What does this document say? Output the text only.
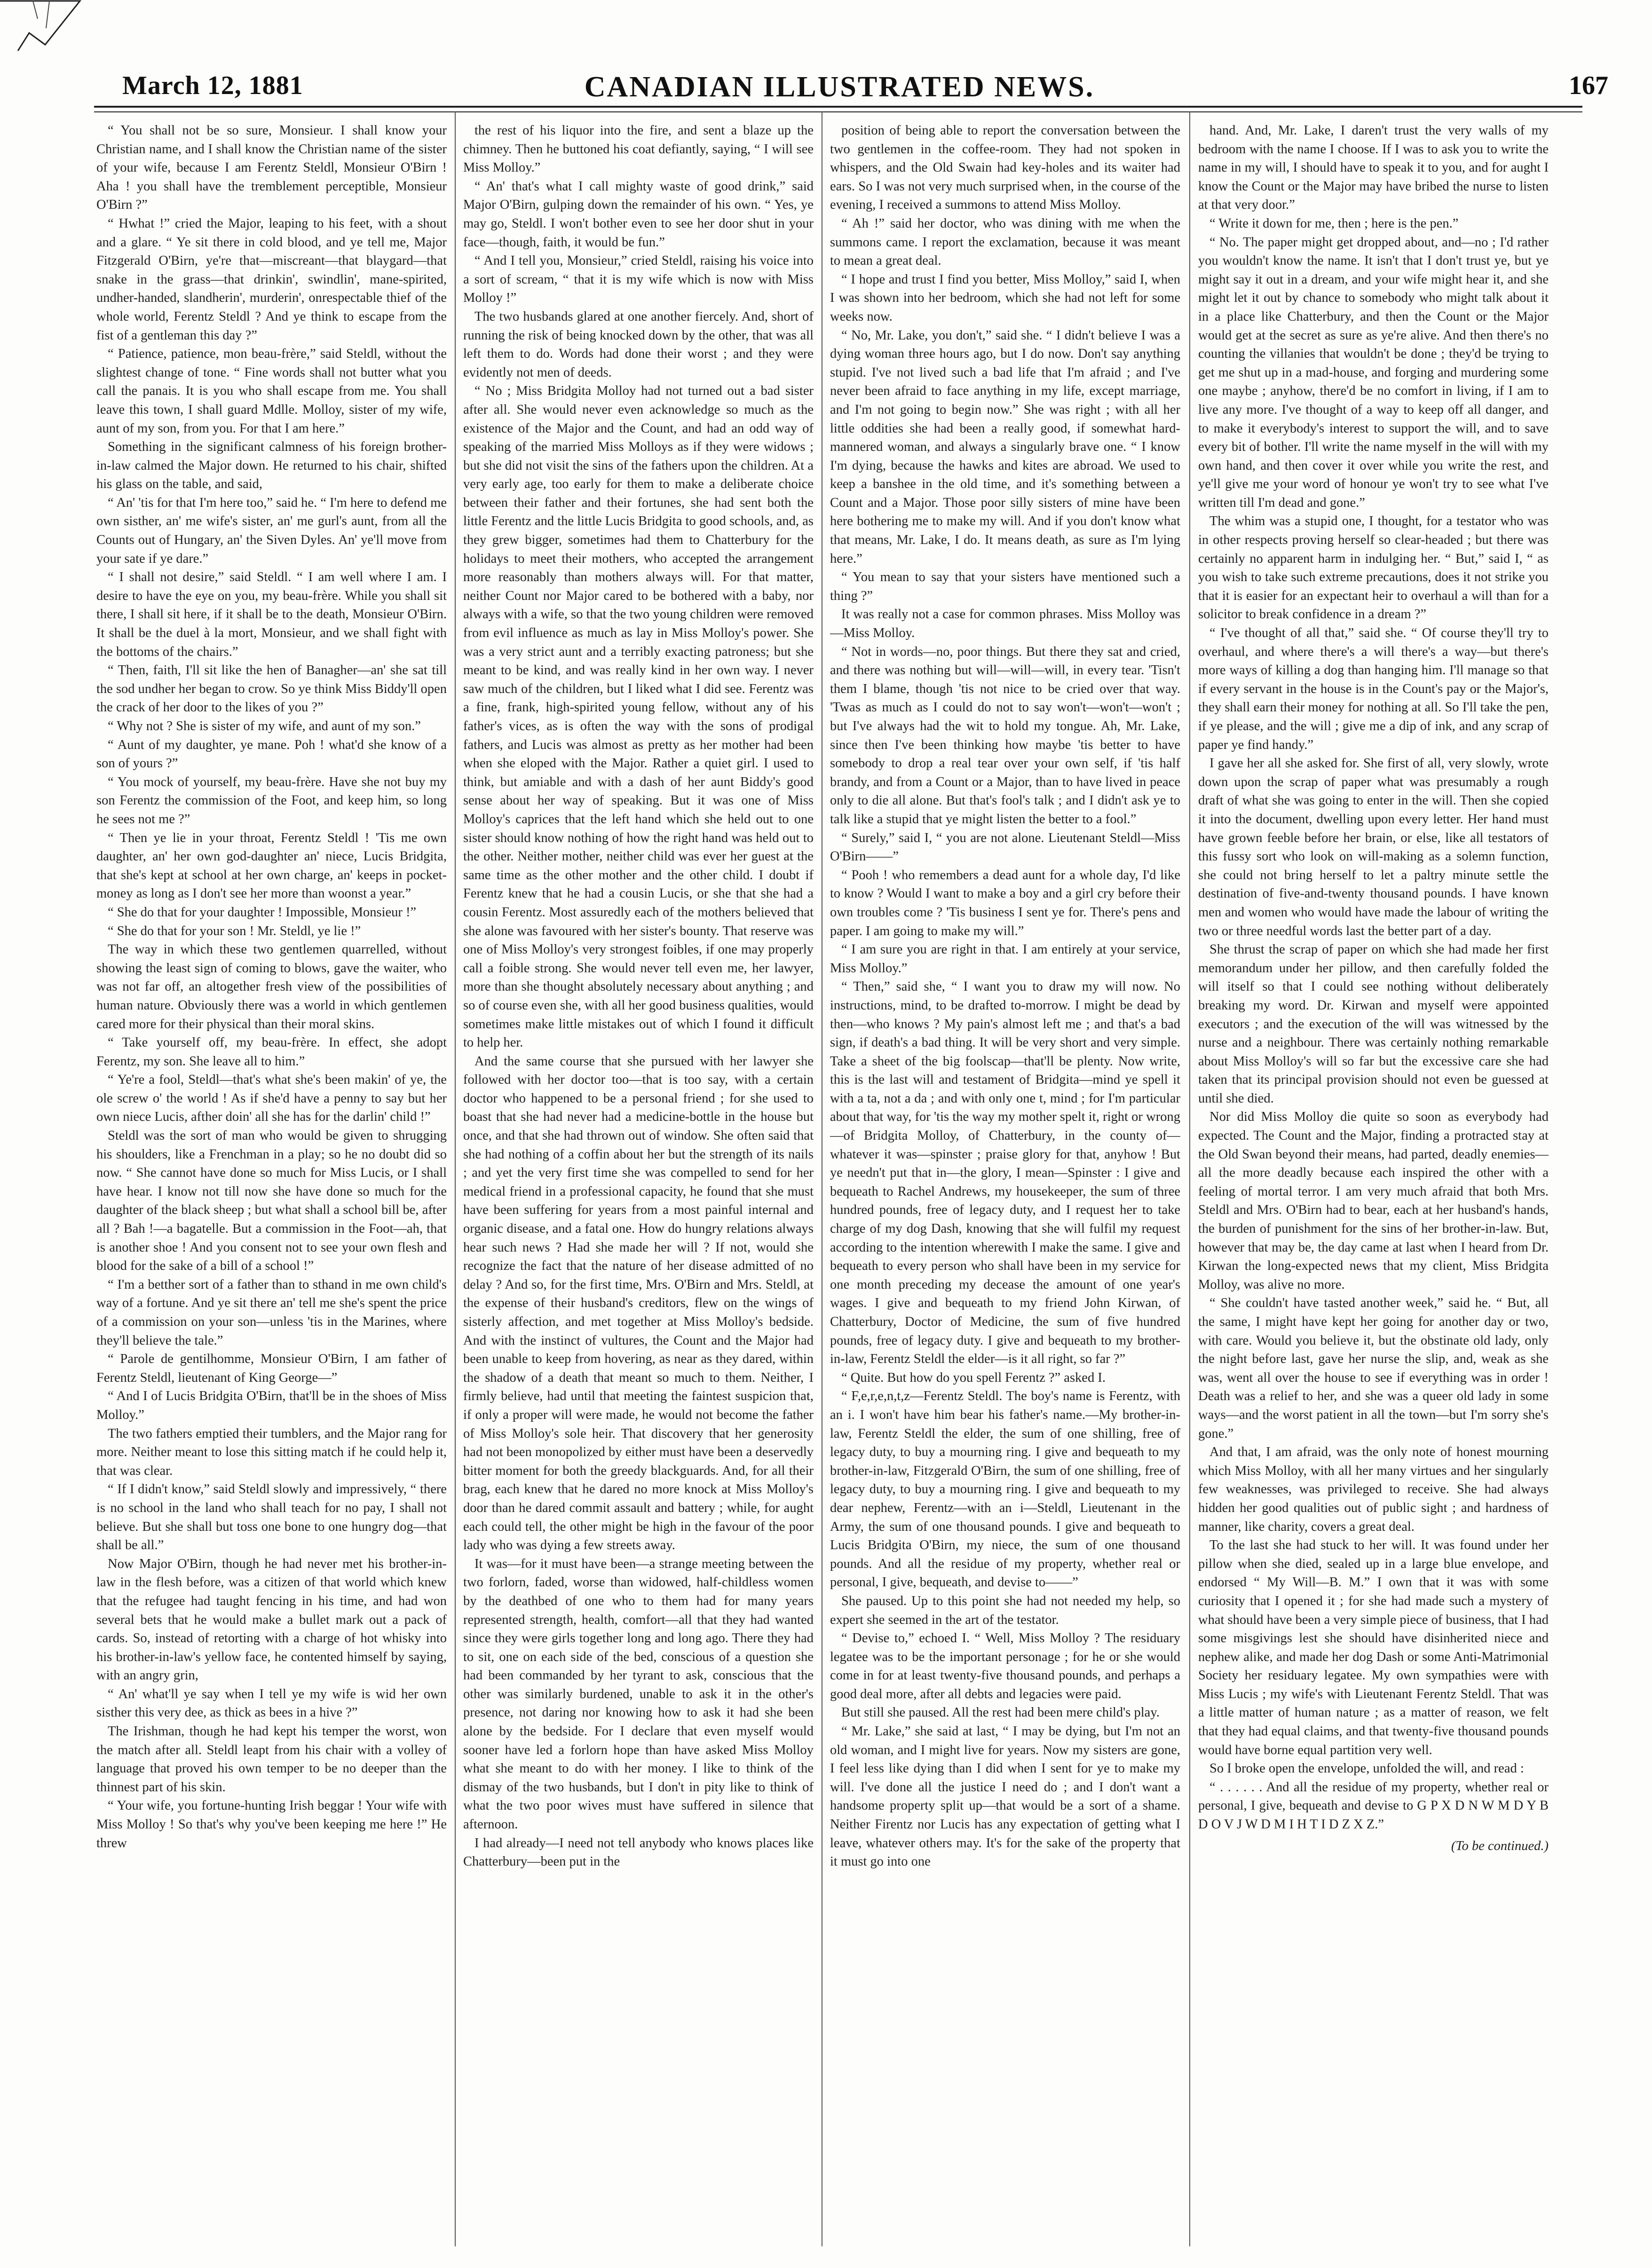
March 12, 1881	CANADIAN ILLUSTRATED NEWS.	167

“ You shall not be so sure, Monsieur. I shall know your Christian name, and I shall know the Christian name of the sister of your wife, because I am Ferentz Steldl, Monsieur O'Birn ! Aha ! you shall have the tremblement perceptible, Monsieur O'Birn ?”

“ Hwhat !” cried the Major, leaping to his feet, with a shout and a glare. “ Ye sit there in cold blood, and ye tell me, Major Fitzgerald O'Birn, ye're that—miscreant—that blaygard—that snake in the grass—that drinkin', swindlin', mane-spirited, undher-handed, slandherin', murderin', onrespectable thief of the whole world, Ferentz Steldl ? And ye think to escape from the fist of a gentleman this day ?”

“ Patience, patience, mon beau-frère,” said Steldl, without the slightest change of tone. “ Fine words shall not butter what you call the panais. It is you who shall escape from me. You shall leave this town, I shall guard Mdlle. Molloy, sister of my wife, aunt of my son, from you. For that I am here.”

Something in the significant calmness of his foreign brother-in-law calmed the Major down. He returned to his chair, shifted his glass on the table, and said,

“ An' 'tis for that I'm here too,” said he. “ I'm here to defend me own sisther, an' me wife's sister, an' me gurl's aunt, from all the Counts out of Hungary, an' the Siven Dyles. An' ye'll move from your sate if ye dare.”

“ I shall not desire,” said Steldl. “ I am well where I am. I desire to have the eye on you, my beau-frère. While you shall sit there, I shall sit here, if it shall be to the death, Monsieur O'Birn. It shall be the duel à la mort, Monsieur, and we shall fight with the bottoms of the chairs.”

“ Then, faith, I'll sit like the hen of Banagher—an' she sat till the sod undher her began to crow. So ye think Miss Biddy'll open the crack of her door to the likes of you ?”

“ Why not ? She is sister of my wife, and aunt of my son.”

“ Aunt of my daughter, ye mane. Poh ! what'd she know of a son of yours ?”

“ You mock of yourself, my beau-frère. Have she not buy my son Ferentz the commission of the Foot, and keep him, so long he sees not me ?”

“ Then ye lie in your throat, Ferentz Steldl ! 'Tis me own daughter, an' her own god-daughter an' niece, Lucis Bridgita, that she's kept at school at her own charge, an' keeps in pocket-money as long as I don't see her more than woonst a year.”

“ She do that for your daughter ! Impossible, Monsieur !”

“ She do that for your son ! Mr. Steldl, ye lie !”

The way in which these two gentlemen quarrelled, without showing the least sign of coming to blows, gave the waiter, who was not far off, an altogether fresh view of the possibilities of human nature. Obviously there was a world in which gentlemen cared more for their physical than their moral skins.

“ Take yourself off, my beau-frère. In effect, she adopt Ferentz, my son. She leave all to him.”

“ Ye're a fool, Steldl—that's what she's been makin' of ye, the ole screw o' the world ! As if she'd have a penny to say but her own niece Lucis, afther doin' all she has for the darlin' child !”

Steldl was the sort of man who would be given to shrugging his shoulders, like a Frenchman in a play; so he no doubt did so now. “ She cannot have done so much for Miss Lucis, or I shall have hear. I know not till now she have done so much for the daughter of the black sheep ; but what shall a school bill be, after all ? Bah !—a bagatelle. But a commission in the Foot—ah, that is another shoe ! And you consent not to see your own flesh and blood for the sake of a bill of a school !”

“ I'm a betther sort of a father than to sthand in me own child's way of a fortune. And ye sit there an' tell me she's spent the price of a commission on your son—unless 'tis in the Marines, where they'll believe the tale.”

“ Parole de gentilhomme, Monsieur O'Birn, I am father of Ferentz Steldl, lieutenant of King George—”

“ And I of Lucis Bridgita O'Birn, that'll be in the shoes of Miss Molloy.”

The two fathers emptied their tumblers, and the Major rang for more. Neither meant to lose this sitting match if he could help it, that was clear.

“ If I didn't know,” said Steldl slowly and impressively, “ there is no school in the land who shall teach for no pay, I shall not believe. But she shall but toss one bone to one hungry dog—that shall be all.”

Now Major O'Birn, though he had never met his brother-in-law in the flesh before, was a citizen of that world which knew that the refugee had taught fencing in his time, and had won several bets that he would make a bullet mark out a pack of cards. So, instead of retorting with a charge of hot whisky into his brother-in-law's yellow face, he contented himself by saying, with an angry grin,

“ An' what'll ye say when I tell ye my wife is wid her own sisther this very dee, as thick as bees in a hive ?”

The Irishman, though he had kept his temper the worst, won the match after all. Steldl leapt from his chair with a volley of language that proved his own temper to be no deeper than the thinnest part of his skin.

“ Your wife, you fortune-hunting Irish beggar ! Your wife with Miss Molloy ! So that's why you've been keeping me here !” He threw

the rest of his liquor into the fire, and sent a blaze up the chimney. Then he buttoned his coat defiantly, saying, “ I will see Miss Molloy.”

“ An' that's what I call mighty waste of good drink,” said Major O'Birn, gulping down the remainder of his own. “ Yes, ye may go, Steldl. I won't bother even to see her door shut in your face—though, faith, it would be fun.”

“ And I tell you, Monsieur,” cried Steldl, raising his voice into a sort of scream, “ that it is my wife which is now with Miss Molloy !”

The two husbands glared at one another fiercely. And, short of running the risk of being knocked down by the other, that was all left them to do. Words had done their worst ; and they were evidently not men of deeds.

“ No ; Miss Bridgita Molloy had not turned out a bad sister after all. She would never even acknowledge so much as the existence of the Major and the Count, and had an odd way of speaking of the married Miss Molloys as if they were widows ; but she did not visit the sins of the fathers upon the children. At a very early age, too early for them to make a deliberate choice between their father and their fortunes, she had sent both the little Ferentz and the little Lucis Bridgita to good schools, and, as they grew bigger, sometimes had them to Chatterbury for the holidays to meet their mothers, who accepted the arrangement more reasonably than mothers always will. For that matter, neither Count nor Major cared to be bothered with a baby, nor always with a wife, so that the two young children were removed from evil influence as much as lay in Miss Molloy's power. She was a very strict aunt and a terribly exacting patroness; but she meant to be kind, and was really kind in her own way. I never saw much of the children, but I liked what I did see. Ferentz was a fine, frank, high-spirited young fellow, without any of his father's vices, as is often the way with the sons of prodigal fathers, and Lucis was almost as pretty as her mother had been when she eloped with the Major. Rather a quiet girl. I used to think, but amiable and with a dash of her aunt Biddy's good sense about her way of speaking. But it was one of Miss Molloy's caprices that the left hand which she held out to one sister should know nothing of how the right hand was held out to the other. Neither mother, neither child was ever her guest at the same time as the other mother and the other child. I doubt if Ferentz knew that he had a cousin Lucis, or she that she had a cousin Ferentz. Most assuredly each of the mothers believed that she alone was favoured with her sister's bounty. That reserve was one of Miss Molloy's very strongest foibles, if one may properly call a foible strong. She would never tell even me, her lawyer, more than she thought absolutely necessary about anything ; and so of course even she, with all her good business qualities, would sometimes make little mistakes out of which I found it difficult to help her.

And the same course that she pursued with her lawyer she followed with her doctor too—that is too say, with a certain doctor who happened to be a personal friend ; for she used to boast that she had never had a medicine-bottle in the house but once, and that she had thrown out of window. She often said that she had nothing of a coffin about her but the strength of its nails ; and yet the very first time she was compelled to send for her medical friend in a professional capacity, he found that she must have been suffering for years from a most painful internal and organic disease, and a fatal one. How do hungry relations always hear such news ? Had she made her will ? If not, would she recognize the fact that the nature of her disease admitted of no delay ? And so, for the first time, Mrs. O'Birn and Mrs. Steldl, at the expense of their husband's creditors, flew on the wings of sisterly affection, and met together at Miss Molloy's bedside. And with the instinct of vultures, the Count and the Major had been unable to keep from hovering, as near as they dared, within the shadow of a death that meant so much to them. Neither, I firmly believe, had until that meeting the faintest suspicion that, if only a proper will were made, he would not become the father of Miss Molloy's sole heir. That discovery that her generosity had not been monopolized by either must have been a deservedly bitter moment for both the greedy blackguards. And, for all their brag, each knew that he dared no more knock at Miss Molloy's door than he dared commit assault and battery ; while, for aught each could tell, the other might be high in the favour of the poor lady who was dying a few streets away.

It was—for it must have been—a strange meeting between the two forlorn, faded, worse than widowed, half-childless women by the deathbed of one who to them had for many years represented strength, health, comfort—all that they had wanted since they were girls together long and long ago. There they had to sit, one on each side of the bed, conscious of a question she had been commanded by her tyrant to ask, conscious that the other was similarly burdened, unable to ask it in the other's presence, not daring nor knowing how to ask it had she been alone by the bedside. For I declare that even myself would sooner have led a forlorn hope than have asked Miss Molloy what she meant to do with her money. I like to think of the dismay of the two husbands, but I don't in pity like to think of what the two poor wives must have suffered in silence that afternoon.

I had already—I need not tell anybody who knows places like Chatterbury—been put in the

position of being able to report the conversation between the two gentlemen in the coffee-room. They had not spoken in whispers, and the Old Swain had key-holes and its waiter had ears. So I was not very much surprised when, in the course of the evening, I received a summons to attend Miss Molloy.

“ Ah !” said her doctor, who was dining with me when the summons came. I report the exclamation, because it was meant to mean a great deal.

“ I hope and trust I find you better, Miss Molloy,” said I, when I was shown into her bedroom, which she had not left for some weeks now.

“ No, Mr. Lake, you don't,” said she. “ I didn't believe I was a dying woman three hours ago, but I do now. Don't say anything stupid. I've not lived such a bad life that I'm afraid ; and I've never been afraid to face anything in my life, except marriage, and I'm not going to begin now.” She was right ; with all her little oddities she had been a really good, if somewhat hard-mannered woman, and always a singularly brave one. “ I know I'm dying, because the hawks and kites are abroad. We used to keep a banshee in the old time, and it's something between a Count and a Major. Those poor silly sisters of mine have been here bothering me to make my will. And if you don't know what that means, Mr. Lake, I do. It means death, as sure as I'm lying here.”

“ You mean to say that your sisters have mentioned such a thing ?”

It was really not a case for common phrases. Miss Molloy was—Miss Molloy.

“ Not in words—no, poor things. But there they sat and cried, and there was nothing but will—will—will, in every tear. 'Tisn't them I blame, though 'tis not nice to be cried over that way. 'Twas as much as I could do not to say won't—won't—won't ; but I've always had the wit to hold my tongue. Ah, Mr. Lake, since then I've been thinking how maybe 'tis better to have somebody to drop a real tear over your own self, if 'tis half brandy, and from a Count or a Major, than to have lived in peace only to die all alone. But that's fool's talk ; and I didn't ask ye to talk like a stupid that ye might listen the better to a fool.”

“ Surely,” said I, “ you are not alone. Lieutenant Steldl—Miss O'Birn——”

“ Pooh ! who remembers a dead aunt for a whole day, I'd like to know ? Would I want to make a boy and a girl cry before their own troubles come ? 'Tis business I sent ye for. There's pens and paper. I am going to make my will.”

“ I am sure you are right in that. I am entirely at your service, Miss Molloy.”

“ Then,” said she, “ I want you to draw my will now. No instructions, mind, to be drafted to-morrow. I might be dead by then—who knows ? My pain's almost left me ; and that's a bad sign, if death's a bad thing. It will be very short and very simple. Take a sheet of the big foolscap—that'll be plenty. Now write, this is the last will and testament of Bridgita—mind ye spell it with a ta, not a da ; and with only one t, mind ; for I'm particular about that way, for 'tis the way my mother spelt it, right or wrong—of Bridgita Molloy, of Chatterbury, in the county of—whatever it was—spinster ; praise glory for that, anyhow ! But ye needn't put that in—the glory, I mean—Spinster : I give and bequeath to Rachel Andrews, my housekeeper, the sum of three hundred pounds, free of legacy duty, and I request her to take charge of my dog Dash, knowing that she will fulfil my request according to the intention wherewith I make the same. I give and bequeath to every person who shall have been in my service for one month preceding my decease the amount of one year's wages. I give and bequeath to my friend John Kirwan, of Chatterbury, Doctor of Medicine, the sum of five hundred pounds, free of legacy duty. I give and bequeath to my brother-in-law, Ferentz Steldl the elder—is it all right, so far ?”

“ Quite. But how do you spell Ferentz ?” asked I.

“ F,e,r,e,n,t,z—Ferentz Steldl. The boy's name is Ferentz, with an i. I won't have him bear his father's name.—My brother-in-law, Ferentz Steldl the elder, the sum of one shilling, free of legacy duty, to buy a mourning ring. I give and bequeath to my brother-in-law, Fitzgerald O'Birn, the sum of one shilling, free of legacy duty, to buy a mourning ring. I give and bequeath to my dear nephew, Ferentz—with an i—Steldl, Lieutenant in the Army, the sum of one thousand pounds. I give and bequeath to Lucis Bridgita O'Birn, my niece, the sum of one thousand pounds. And all the residue of my property, whether real or personal, I give, bequeath, and devise to——”

She paused. Up to this point she had not needed my help, so expert she seemed in the art of the testator.

“ Devise to,” echoed I. “ Well, Miss Molloy ? The residuary legatee was to be the important personage ; for he or she would come in for at least twenty-five thousand pounds, and perhaps a good deal more, after all debts and legacies were paid.

But still she paused. All the rest had been mere child's play.

“ Mr. Lake,” she said at last, “ I may be dying, but I'm not an old woman, and I might live for years. Now my sisters are gone, I feel less like dying than I did when I sent for ye to make my will. I've done all the justice I need do ; and I don't want a handsome property split up—that would be a sort of a shame. Neither Firentz nor Lucis has any expectation of getting what I leave, whatever others may. It's for the sake of the property that it must go into one

hand. And, Mr. Lake, I daren't trust the very walls of my bedroom with the name I choose. If I was to ask you to write the name in my will, I should have to speak it to you, and for aught I know the Count or the Major may have bribed the nurse to listen at that very door.”

“ Write it down for me, then ; here is the pen.”

“ No. The paper might get dropped about, and—no ; I'd rather you wouldn't know the name. It isn't that I don't trust ye, but ye might say it out in a dream, and your wife might hear it, and she might let it out by chance to somebody who might talk about it in a place like Chatterbury, and then the Count or the Major would get at the secret as sure as ye're alive. And then there's no counting the villanies that wouldn't be done ; they'd be trying to get me shut up in a mad-house, and forging and murdering some one maybe ; anyhow, there'd be no comfort in living, if I am to live any more. I've thought of a way to keep off all danger, and to make it everybody's interest to support the will, and to save every bit of bother. I'll write the name myself in the will with my own hand, and then cover it over while you write the rest, and ye'll give me your word of honour ye won't try to see what I've written till I'm dead and gone.”

The whim was a stupid one, I thought, for a testator who was in other respects proving herself so clear-headed ; but there was certainly no apparent harm in indulging her. “ But,” said I, “ as you wish to take such extreme precautions, does it not strike you that it is easier for an expectant heir to overhaul a will than for a solicitor to break confidence in a dream ?”

“ I've thought of all that,” said she. “ Of course they'll try to overhaul, and where there's a will there's a way—but there's more ways of killing a dog than hanging him. I'll manage so that if every servant in the house is in the Count's pay or the Major's, they shall earn their money for nothing at all. So I'll take the pen, if ye please, and the will ; give me a dip of ink, and any scrap of paper ye find handy.”

I gave her all she asked for. She first of all, very slowly, wrote down upon the scrap of paper what was presumably a rough draft of what she was going to enter in the will. Then she copied it into the document, dwelling upon every letter. Her hand must have grown feeble before her brain, or else, like all testators of this fussy sort who look on will-making as a solemn function, she could not bring herself to let a paltry minute settle the destination of five-and-twenty thousand pounds. I have known men and women who would have made the labour of writing the two or three needful words last the better part of a day.

She thrust the scrap of paper on which she had made her first memorandum under her pillow, and then carefully folded the will itself so that I could see nothing without deliberately breaking my word. Dr. Kirwan and myself were appointed executors ; and the execution of the will was witnessed by the nurse and a neighbour. There was certainly nothing remarkable about Miss Molloy's will so far but the excessive care she had taken that its principal provision should not even be guessed at until she died.

Nor did Miss Molloy die quite so soon as everybody had expected. The Count and the Major, finding a protracted stay at the Old Swan beyond their means, had parted, deadly enemies—all the more deadly because each inspired the other with a feeling of mortal terror. I am very much afraid that both Mrs. Steldl and Mrs. O'Birn had to bear, each at her husband's hands, the burden of punishment for the sins of her brother-in-law. But, however that may be, the day came at last when I heard from Dr. Kirwan the long-expected news that my client, Miss Bridgita Molloy, was alive no more.

“ She couldn't have tasted another week,” said he. “ But, all the same, I might have kept her going for another day or two, with care. Would you believe it, but the obstinate old lady, only the night before last, gave her nurse the slip, and, weak as she was, went all over the house to see if everything was in order ! Death was a relief to her, and she was a queer old lady in some ways—and the worst patient in all the town—but I'm sorry she's gone.”

And that, I am afraid, was the only note of honest mourning which Miss Molloy, with all her many virtues and her singularly few weaknesses, was privileged to receive. She had always hidden her good qualities out of public sight ; and hardness of manner, like charity, covers a great deal.

To the last she had stuck to her will. It was found under her pillow when she died, sealed up in a large blue envelope, and endorsed “ My Will—B. M.” I own that it was with some curiosity that I opened it ; for she had made such a mystery of what should have been a very simple piece of business, that I had some misgivings lest she should have disinherited niece and nephew alike, and made her dog Dash or some Anti-Matrimonial Society her residuary legatee. My own sympathies were with Miss Lucis ; my wife's with Lieutenant Ferentz Steldl. That was a little matter of human nature ; as a matter of reason, we felt that they had equal claims, and that twenty-five thousand pounds would have borne equal partition very well.

So I broke open the envelope, unfolded the will, and read :

“ . . . . . . And all the residue of my property, whether real or personal, I give, bequeath and devise to G P X D N W M D Y B D O V J W D M I H T I D Z X Z.”

(To be continued.)
